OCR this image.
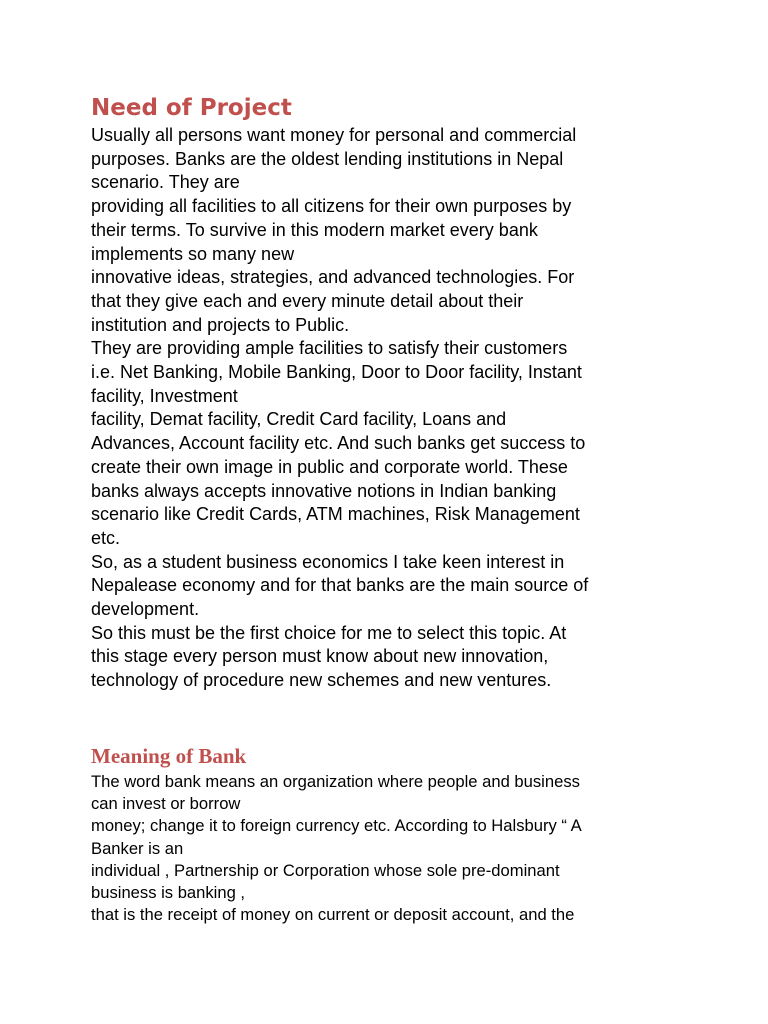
Need of Project
Usually all persons want money for personal and commercial
purposes. Banks are the oldest lending institutions in Nepal
scenario. They are
providing all facilities to all citizens for their own purposes by
their terms. To survive in this modern market every bank
implements so many new
innovative ideas, strategies, and advanced technologies. For
that they give each and every minute detail about their
institution and projects to Public.
They are providing ample facilities to satisfy their customers
i.e. Net Banking, Mobile Banking, Door to Door facility, Instant
facility, Investment
facility, Demat facility, Credit Card facility, Loans and
Advances, Account facility etc. And such banks get success to
create their own image in public and corporate world. These
banks always accepts innovative notions in Indian banking
scenario like Credit Cards, ATM machines, Risk Management
etc.
So, as a student business economics I take keen interest in
Nepalease economy and for that banks are the main source of
development.
So this must be the first choice for me to select this topic. At
this stage every person must know about new innovation,
technology of procedure new schemes and new ventures.
Meaning of Bank
The word bank means an organization where people and business
can invest or borrow
money; change it to foreign currency etc. According to Halsbury “ A
Banker is an
individual , Partnership or Corporation whose sole pre-dominant
business is banking ,
that is the receipt of money on current or deposit account, and the
